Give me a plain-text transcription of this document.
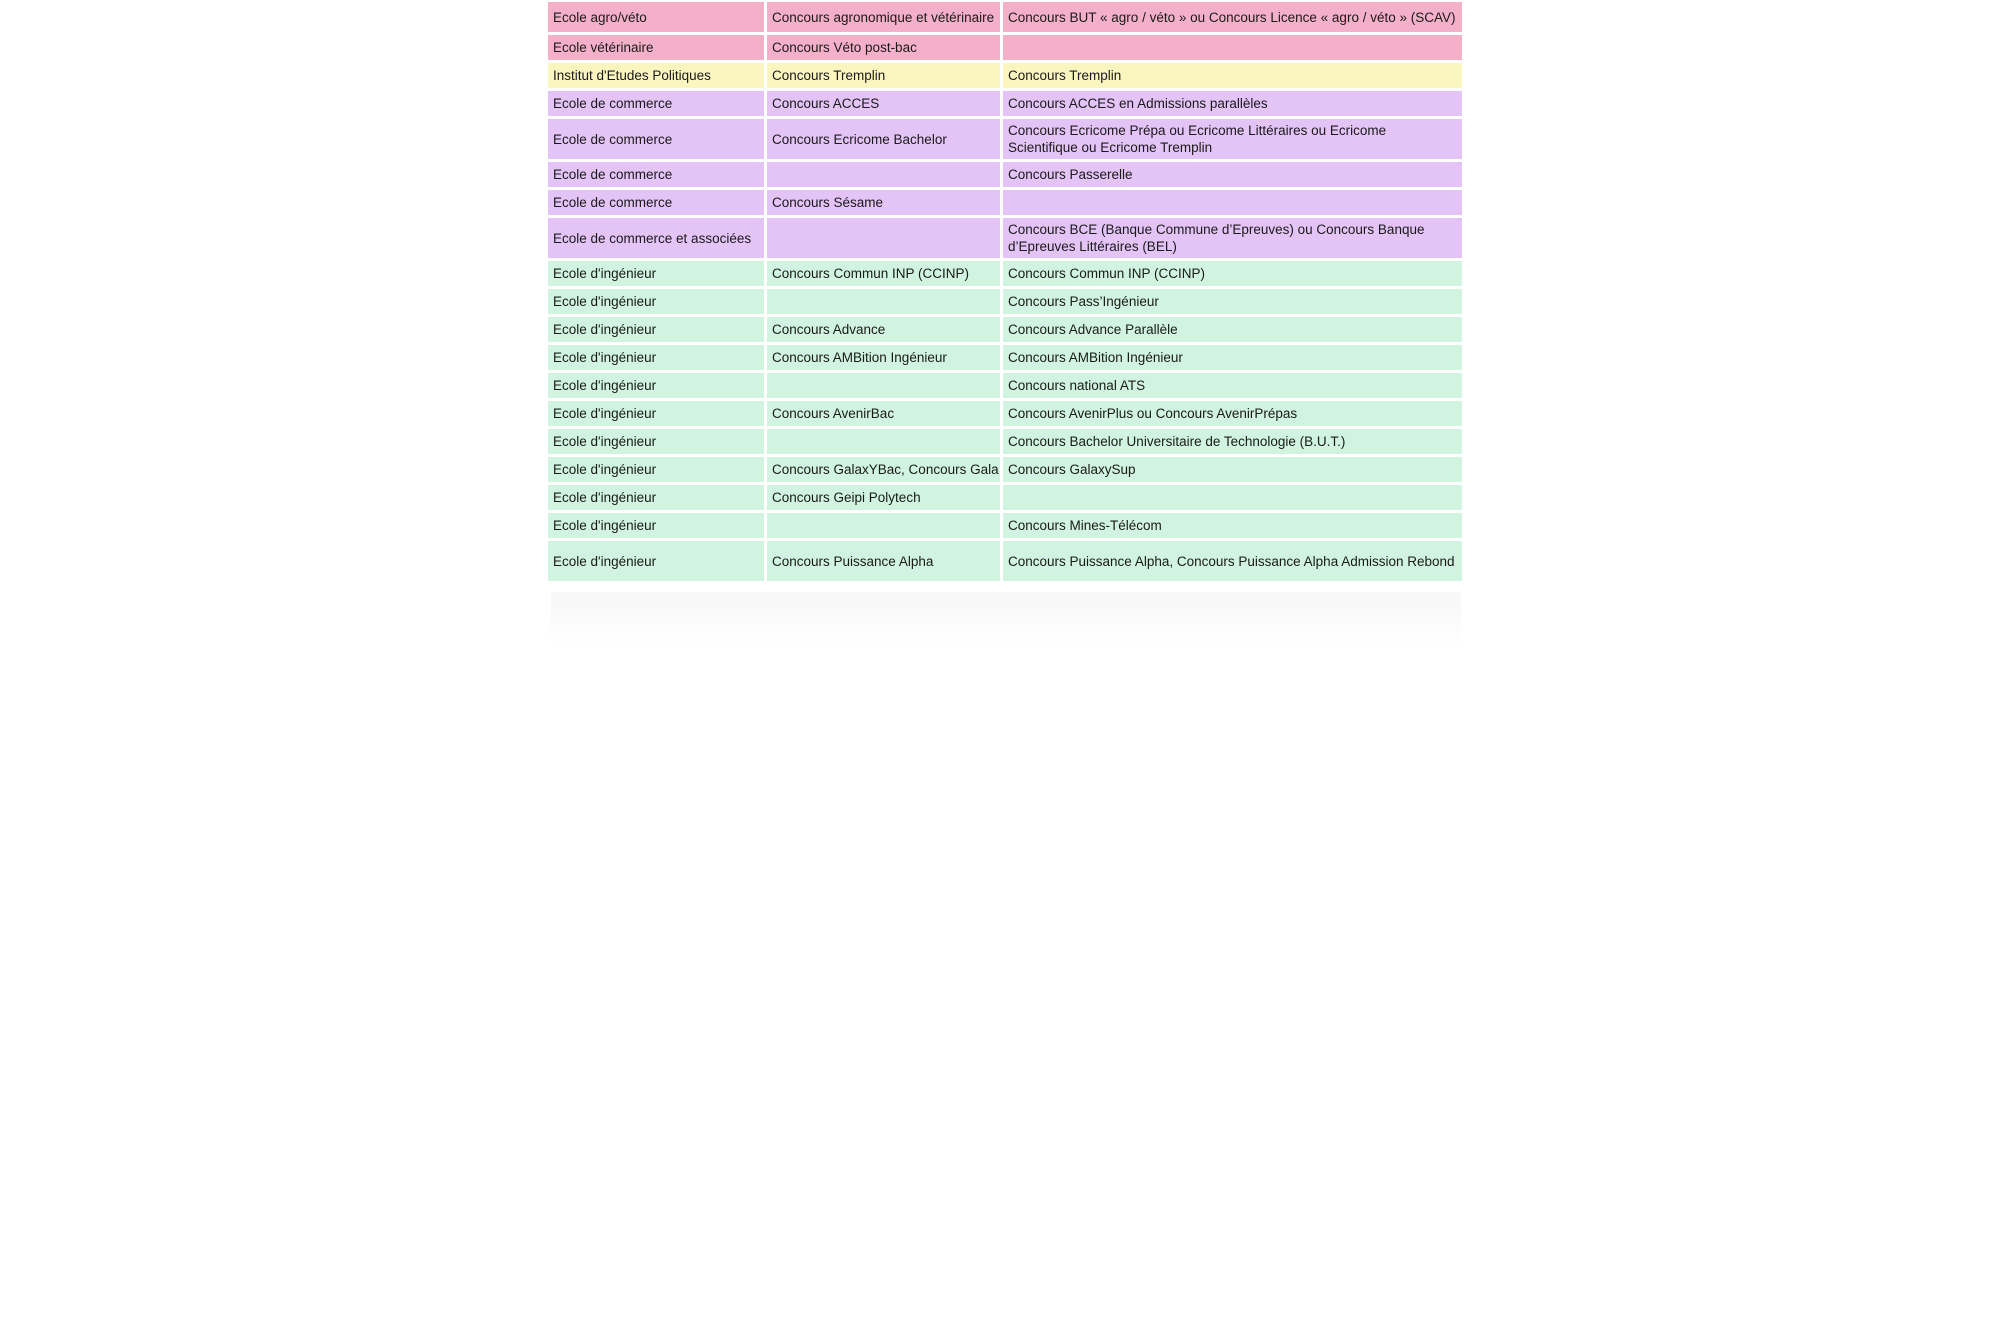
Ecole agro/véto	Concours agronomique et vétérinaire	Concours BUT « agro / véto » ou Concours Licence « agro / véto » (SCAV)
Ecole vétérinaire	Concours Véto post-bac	
Institut d'Etudes Politiques	Concours Tremplin	Concours Tremplin
Ecole de commerce	Concours ACCES	Concours ACCES en Admissions parallèles
Ecole de commerce	Concours Ecricome Bachelor	Concours Ecricome Prépa ou Ecricome Littéraires ou Ecricome Scientifique ou Ecricome Tremplin
Ecole de commerce		Concours Passerelle
Ecole de commerce	Concours Sésame	
Ecole de commerce et associées		Concours BCE (Banque Commune d’Epreuves) ou Concours Banque d’Epreuves Littéraires (BEL)
Ecole d'ingénieur	Concours Commun INP (CCINP)	Concours Commun INP (CCINP)
Ecole d'ingénieur		Concours Pass’Ingénieur
Ecole d'ingénieur	Concours Advance	Concours Advance Parallèle
Ecole d'ingénieur	Concours AMBition Ingénieur	Concours AMBition Ingénieur
Ecole d'ingénieur		Concours national ATS
Ecole d'ingénieur	Concours AvenirBac	Concours AvenirPlus ou Concours AvenirPrépas
Ecole d'ingénieur		Concours Bachelor Universitaire de Technologie (B.U.T.)
Ecole d'ingénieur	Concours GalaxYBac, Concours Gala	Concours GalaxySup
Ecole d'ingénieur	Concours Geipi Polytech	
Ecole d'ingénieur		Concours Mines-Télécom
Ecole d'ingénieur	Concours Puissance Alpha	Concours Puissance Alpha, Concours Puissance Alpha Admission Rebond
